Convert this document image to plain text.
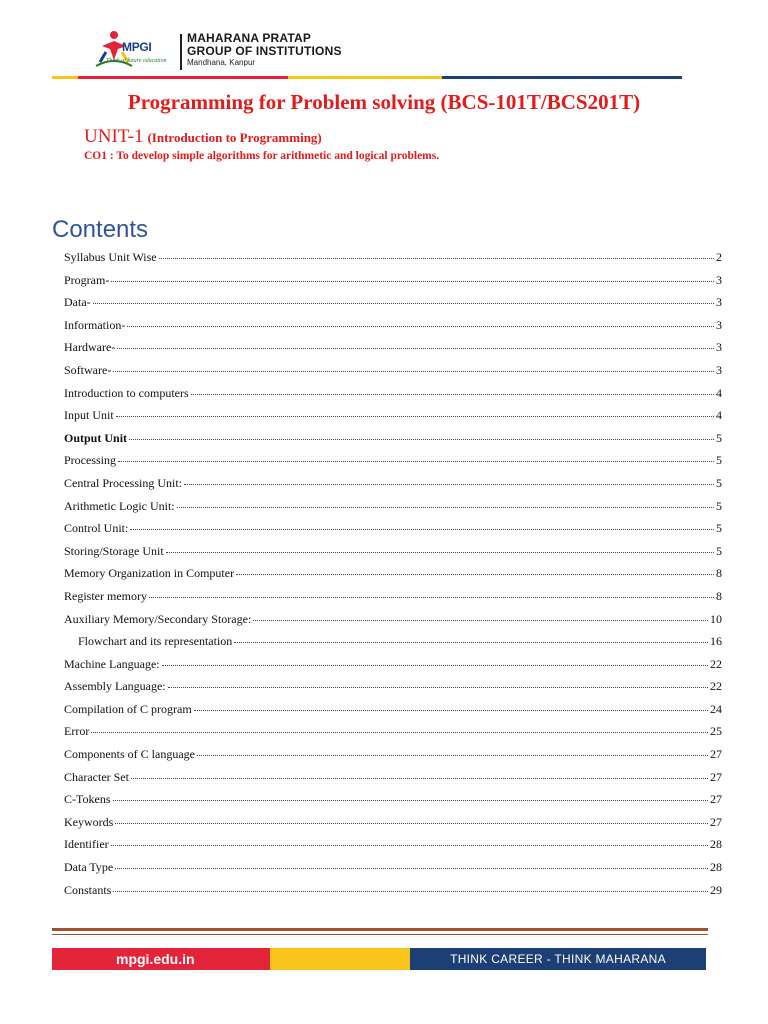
MPGI
Think of future education
MAHARANA PRATAP
GROUP OF INSTITUTIONS
Mandhana, Kanpur
Programming for Problem solving (BCS-101T/BCS201T)
UNIT-1 (Introduction to Programming)
CO1 : To develop simple algorithms for arithmetic and logical problems.
Contents
Syllabus Unit Wise	2
Program-	3
Data-	3
Information-	3
Hardware-	3
Software-	3
Introduction to computers	4
Input Unit	4
Output Unit	5
Processing	5
Central Processing Unit:	5
Arithmetic Logic Unit:	5
Control Unit:	5
Storing/Storage Unit	5
Memory Organization in Computer	8
Register memory	8
Auxiliary Memory/Secondary Storage:	10
Flowchart and its representation	16
Machine Language:	22
Assembly Language:	22
Compilation of C program	24
Error	25
Components of C language	27
Character Set	27
C-Tokens	27
Keywords	27
Identifier	28
Data Type	28
Constants	29
mpgi.edu.in	THINK CAREER - THINK MAHARANA
